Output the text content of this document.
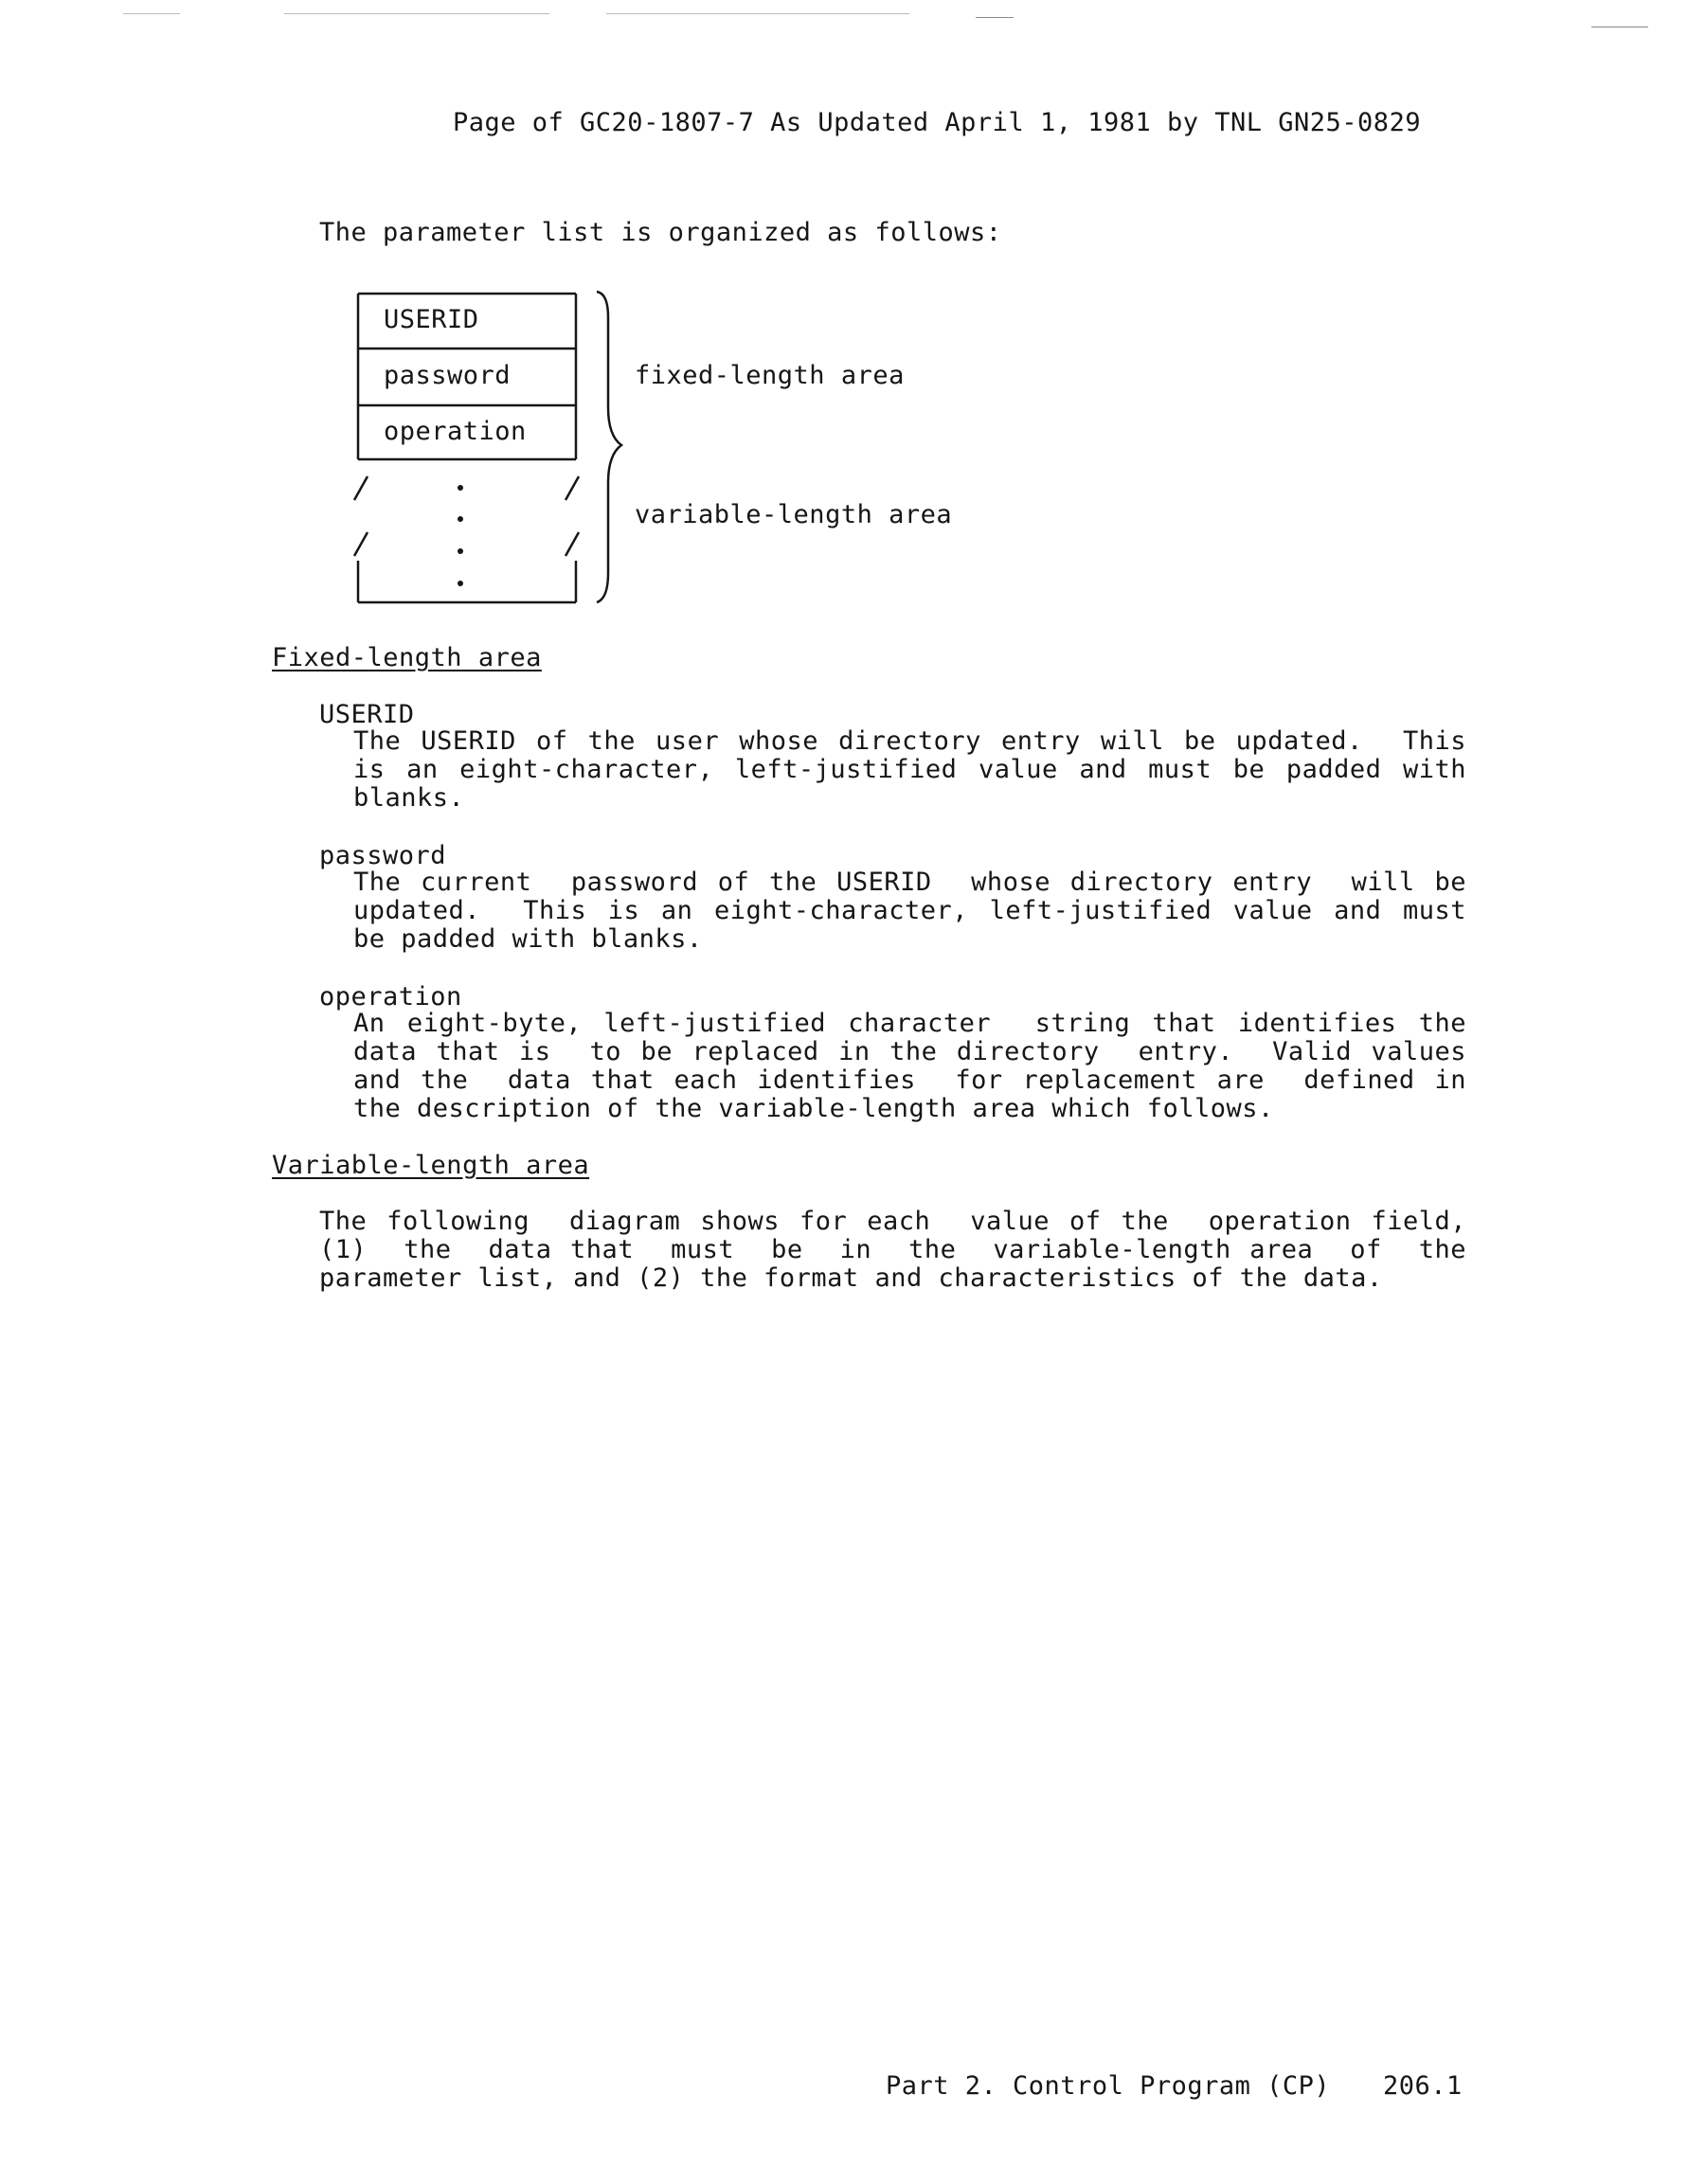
Page of GC20-1807-7 As Updated April 1, 1981 by TNL GN25-0829
The parameter list is organized as follows:
USERID
password
operation
fixed-length area
variable-length area
Fixed-length area
USERID
The USERID of the user whose directory entry will be updated.  This
is an eight-character, left-justified value and must be padded with
blanks.
password
The current  password of the USERID  whose directory entry  will be
updated.  This is an eight-character, left-justified value and must
be padded with blanks.
operation
An eight-byte, left-justified character  string that identifies the
data that is  to be replaced in the directory  entry.  Valid values
and the  data that each identifies  for replacement are  defined in
the description of the variable-length area which follows.
Variable-length area
The following  diagram shows for each  value of the  operation field,
(1)  the  data that  must  be  in  the  variable-length area  of  the
parameter list, and (2) the format and characteristics of the data.
Part 2. Control Program (CP) 206.1
